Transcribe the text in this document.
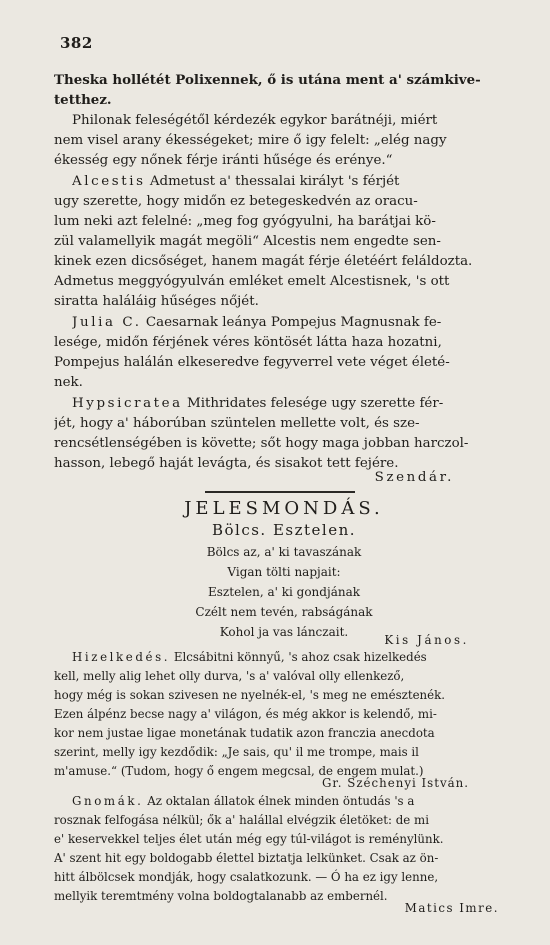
382
Theska hollétét Polixennek, ő is utána ment a' számkive-
tetthez.
Philonak feleségétől kérdezék egykor barátnéji, miért
nem visel arany ékességeket; mire ő igy felelt: „elég nagy
ékesség egy nőnek férje iránti hűsége és erénye.“
Alcestis Admetust a' thessalai királyt 's férjét
ugy szerette, hogy midőn ez betegeskedvén az oracu-
lum neki azt felelné: „meg fog gyógyulni, ha barátjai kö-
zül valamellyik magát megöli“ Alcestis nem engedte sen-
kinek ezen dicsőséget, hanem magát férje életéért feláldozta.
Admetus meggyógyulván emléket emelt Alcestisnek, 's ott
siratta haláláig hűséges nőjét.
Julia C. Caesarnak leánya Pompejus Magnusnak fe-
lesége, midőn férjének véres köntösét látta haza hozatni,
Pompejus halálán elkeseredve fegyverrel vete véget életé-
nek.
Hypsicratea Mithridates felesége ugy szerette fér-
jét, hogy a' háborúban szüntelen mellette volt, és sze-
rencsétlenségében is követte; sőt hogy maga jobban harczol-
hasson, lebegő haját levágta, és sisakot tett fejére.
Szendár.
JELESMONDÁS.
Bölcs. Esztelen.
Bölcs az, a' ki tavaszának
Vigan tölti napjait:
Esztelen, a' ki gondjának
Czélt nem tevén, rabságának
Kohol ja vas lánczait.
Kis János.
Hizelkedés. Elcsábitni könnyű, 's ahoz csak hizelkedés
kell, melly alig lehet olly durva, 's a' valóval olly ellenkező,
hogy még is sokan szivesen ne nyelnék-el, 's meg ne emésztenék.
Ezen álpénz becse nagy a' világon, és még akkor is kelendő, mi-
kor nem justae ligae monetának tudatik azon franczia anecdota
szerint, melly igy kezdődik: „Je sais, qu' il me trompe, mais il
m'amuse.“ (Tudom, hogy ő engem megcsal, de engem mulat.)
Gr. Széchenyi István.
Gnomák. Az oktalan állatok élnek minden öntudás 's a
rosznak felfogása nélkül; ők a' halállal elvégzik életöket: de mi
e' keservekkel teljes élet után még egy túl-világot is reménylünk.
A' szent hit egy boldogabb élettel biztatja lelkünket. Csak az ön-
hitt álbölcsek mondják, hogy csalatkozunk. — Ó ha ez igy lenne,
mellyik teremtmény volna boldogtalanabb az embernél.
Matics Imre.
